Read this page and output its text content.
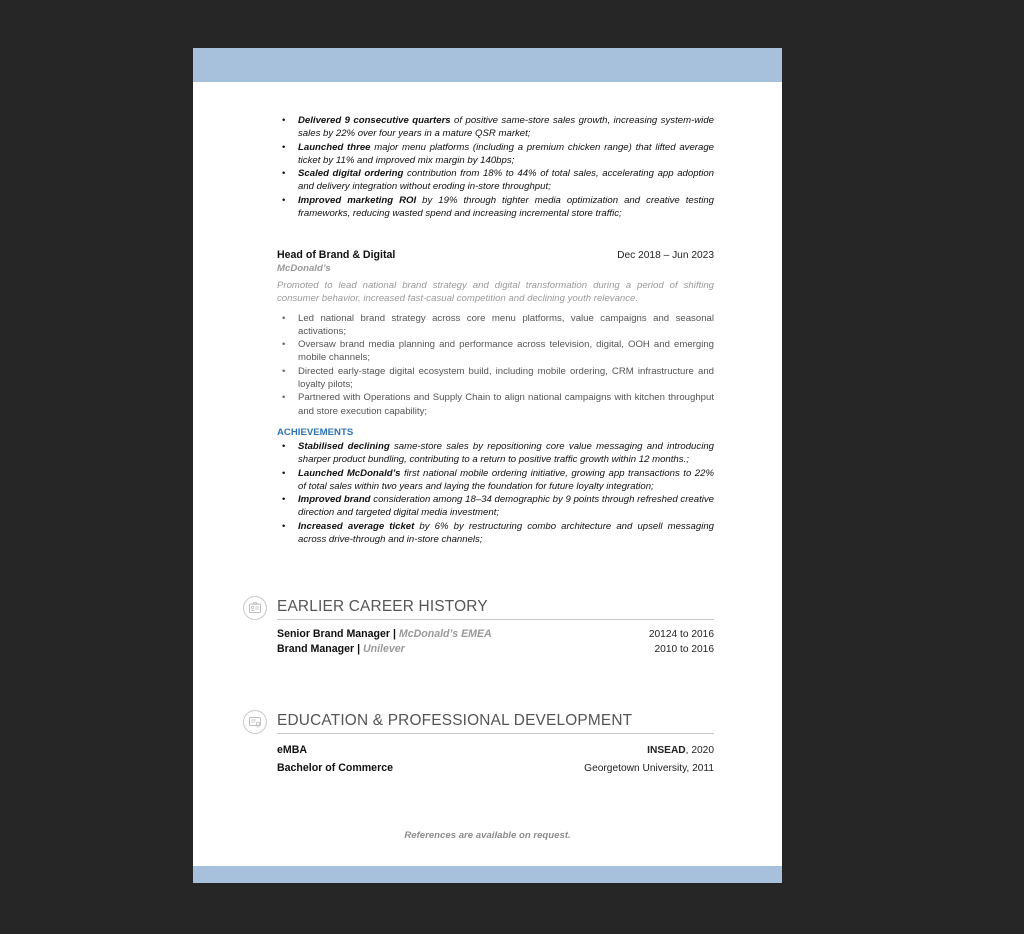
• Delivered 9 consecutive quarters of positive same-store sales growth, increasing system-wide sales by 22% over four years in a mature QSR market;
• Launched three major menu platforms (including a premium chicken range) that lifted average ticket by 11% and improved mix margin by 140bps;
• Scaled digital ordering contribution from 18% to 44% of total sales, accelerating app adoption and delivery integration without eroding in-store throughput;
• Improved marketing ROI by 19% through tighter media optimization and creative testing frameworks, reducing wasted spend and increasing incremental store traffic;
Head of Brand & Digital	Dec 2018 – Jun 2023
McDonald’s
Promoted to lead national brand strategy and digital transformation during a period of shifting consumer behavior, increased fast-casual competition and declining youth relevance.
• Led national brand strategy across core menu platforms, value campaigns and seasonal activations;
• Oversaw brand media planning and performance across television, digital, OOH and emerging mobile channels;
• Directed early-stage digital ecosystem build, including mobile ordering, CRM infrastructure and loyalty pilots;
• Partnered with Operations and Supply Chain to align national campaigns with kitchen throughput and store execution capability;
ACHIEVEMENTS
• Stabilised declining same-store sales by repositioning core value messaging and introducing sharper product bundling, contributing to a return to positive traffic growth within 12 months.;
• Launched McDonald’s first national mobile ordering initiative, growing app transactions to 22% of total sales within two years and laying the foundation for future loyalty integration;
• Improved brand consideration among 18–34 demographic by 9 points through refreshed creative direction and targeted digital media investment;
• Increased average ticket by 6% by restructuring combo architecture and upsell messaging across drive-through and in-store channels;
EARLIER CAREER HISTORY
Senior Brand Manager | McDonald’s EMEA	20124 to 2016
Brand Manager | Unilever	2010 to 2016
EDUCATION & PROFESSIONAL DEVELOPMENT
eMBA	INSEAD, 2020
Bachelor of Commerce	Georgetown University, 2011
References are available on request.
